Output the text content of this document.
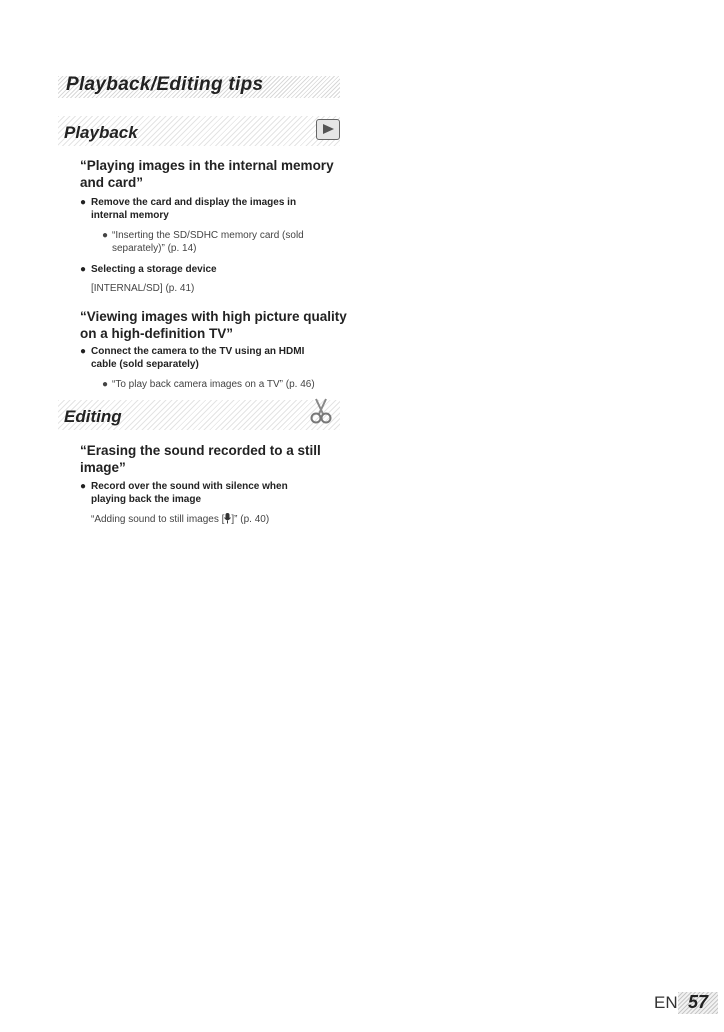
Playback/Editing tips
Playback
“Playing images in the internal memory
and card”
● Remove the card and display the images in
internal memory
● “Inserting the SD/SDHC memory card (sold
separately)” (p. 14)
● Selecting a storage device
[INTERNAL/SD] (p. 41)
“Viewing images with high picture quality
on a high-definition TV”
● Connect the camera to the TV using an HDMI
cable (sold separately)
● “To play back camera images on a TV” (p. 46)
Editing
“Erasing the sound recorded to a still
image”
● Record over the sound with silence when
playing back the image
“Adding sound to still images [ ]” (p. 40)
EN 57
